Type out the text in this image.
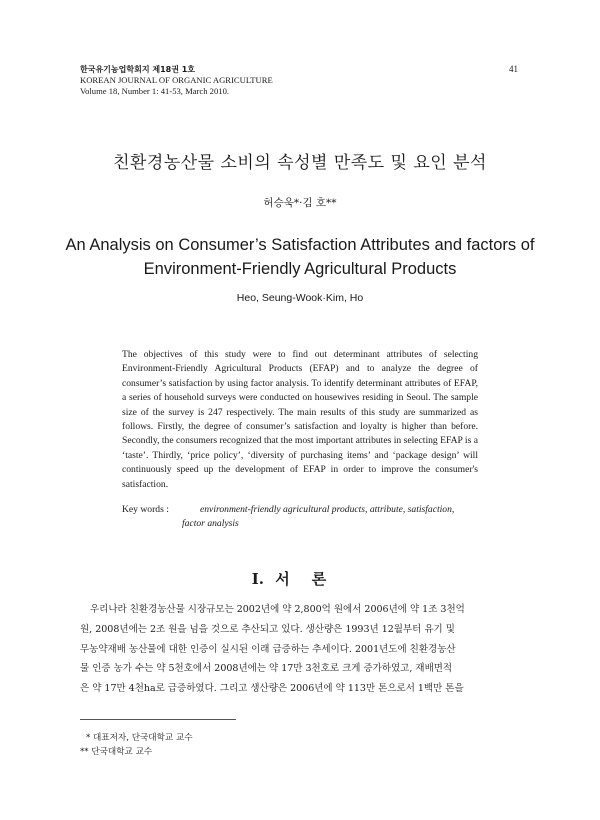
한국유기농업학회지 제18권 1호
KOREAN JOURNAL OF ORGANIC AGRICULTURE
Volume 18, Number 1: 41-53, March 2010.
41
친환경농산물 소비의 속성별 만족도 및 요인 분석
허승욱*·김 호**
An Analysis on Consumer’s Satisfaction Attributes and factors of
Environment-Friendly Agricultural Products
Heo, Seung-Wook·Kim, Ho
The objectives of this study were to find out determinant attributes of selecting Environment-Friendly Agricultural Products (EFAP) and to analyze the degree of consumer’s satisfaction by using factor analysis. To identify determinant attributes of EFAP, a series of household surveys were conducted on housewives residing in Seoul. The sample size of the survey is 247 respectively. The main results of this study are summarized as follows. Firstly, the degree of consumer’s satisfaction and loyalty is higher than before. Secondly, the consumers recognized that the most important attributes in selecting EFAP is a ‘taste’. Thirdly, ‘price policy’, ‘diversity of purchasing items’ and ‘package design’ will continuously speed up the development of EFAP in order to improve the consumer's satisfaction.
Key words :	environment-friendly agricultural products, attribute, satisfaction,
factor analysis
Ⅰ. 서론
우리나라 친환경농산물 시장규모는 2002년에 약 2,800억 원에서 2006년에 약 1조 3천억
원, 2008년에는 2조 원을 넘을 것으로 추산되고 있다. 생산량은 1993년 12월부터 유기 및
무농약재배 농산물에 대한 인증이 실시된 이래 급증하는 추세이다. 2001년도에 친환경농산
물 인증 농가 수는 약 5천호에서 2008년에는 약 17만 3천호로 크게 증가하였고, 재배면적
은 약 17만 4천ha로 급증하였다. 그리고 생산량은 2006년에 약 113만 톤으로서 1백만 톤을
* 대표저자, 단국대학교 교수
** 단국대학교 교수
